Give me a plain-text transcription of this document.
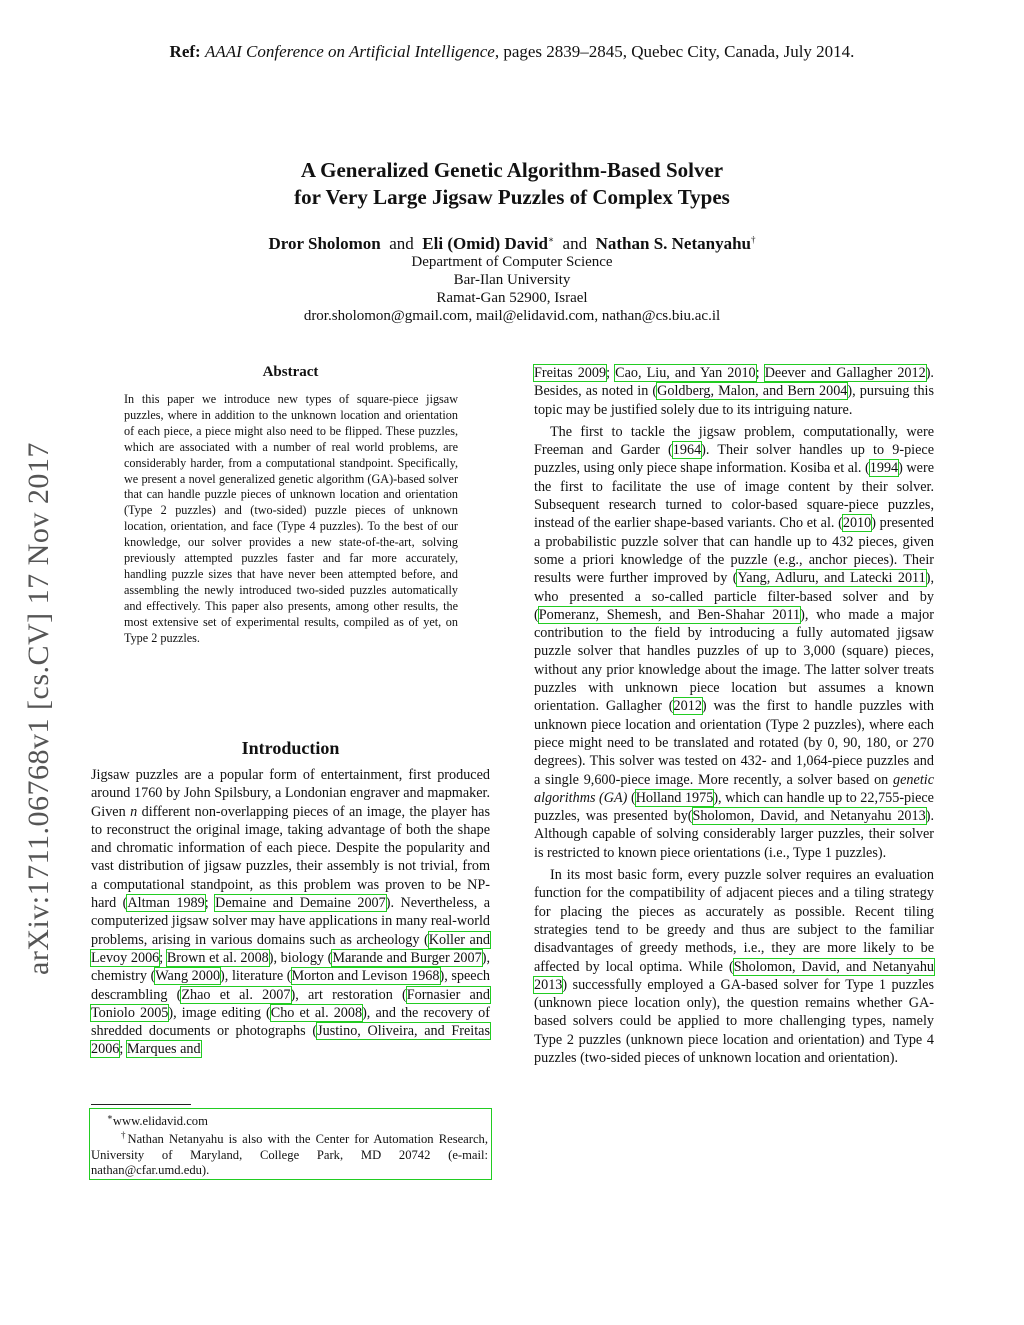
Ref: AAAI Conference on Artificial Intelligence, pages 2839–2845, Quebec City, Canada, July 2014.
arXiv:1711.06768v1 [cs.CV] 17 Nov 2017
A Generalized Genetic Algorithm-Based Solver
for Very Large Jigsaw Puzzles of Complex Types
Dror Sholomon and Eli (Omid) David∗ and Nathan S. Netanyahu†
Department of Computer Science
Bar-Ilan University
Ramat-Gan 52900, Israel
dror.sholomon@gmail.com, mail@elidavid.com, nathan@cs.biu.ac.il
Abstract
In this paper we introduce new types of square-piece jigsaw puzzles, where in addition to the unknown location and orientation of each piece, a piece might also need to be flipped. These puzzles, which are associated with a number of real world problems, are considerably harder, from a computational standpoint. Specifically, we present a novel generalized genetic algorithm (GA)-based solver that can handle puzzle pieces of unknown location and orientation (Type 2 puzzles) and (two-sided) puzzle pieces of unknown location, orientation, and face (Type 4 puzzles). To the best of our knowledge, our solver provides a new state-of-the-art, solving previously attempted puzzles faster and far more accurately, handling puzzle sizes that have never been attempted before, and assembling the newly introduced two-sided puzzles automatically and effectively. This paper also presents, among other results, the most extensive set of experimental results, compiled as of yet, on Type 2 puzzles.
Introduction

Jigsaw puzzles are a popular form of entertainment, first produced around 1760 by John Spilsbury, a Londonian engraver and mapmaker. Given n different non-overlapping pieces of an image, the player has to reconstruct the original image, taking advantage of both the shape and chromatic information of each piece. Despite the popularity and vast distribution of jigsaw puzzles, their assembly is not trivial, from a computational standpoint, as this problem was proven to be NP-hard (Altman 1989; Demaine and Demaine 2007). Nevertheless, a computerized jigsaw solver may have applications in many real-world problems, arising in various domains such as archeology (Koller and Levoy 2006; Brown et al. 2008), biology (Marande and Burger 2007), chemistry (Wang 2000), literature (Morton and Levison 1968), speech descrambling (Zhao et al. 2007), art restoration (Fornasier and Toniolo 2005), image editing (Cho et al. 2008), and the recovery of shredded documents or photographs (Justino, Oliveira, and Freitas 2006; Marques and

∗www.elidavid.com
†Nathan Netanyahu is also with the Center for Automation Research, University of Maryland, College Park, MD 20742 (e-mail: nathan@cfar.umd.edu).

Freitas 2009; Cao, Liu, and Yan 2010; Deever and Gallagher 2012). Besides, as noted in (Goldberg, Malon, and Bern 2004), pursuing this topic may be justified solely due to its intriguing nature.

The first to tackle the jigsaw problem, computationally, were Freeman and Garder (1964). Their solver handles up to 9-piece puzzles, using only piece shape information. Kosiba et al. (1994) were the first to facilitate the use of image content by their solver. Subsequent research turned to color-based square-piece puzzles, instead of the earlier shape-based variants. Cho et al. (2010) presented a probabilistic puzzle solver that can handle up to 432 pieces, given some a priori knowledge of the puzzle (e.g., anchor pieces). Their results were further improved by (Yang, Adluru, and Latecki 2011), who presented a so-called particle filter-based solver and by (Pomeranz, Shemesh, and Ben-Shahar 2011), who made a major contribution to the field by introducing a fully automated jigsaw puzzle solver that handles puzzles of up to 3,000 (square) pieces, without any prior knowledge about the image. The latter solver treats puzzles with unknown piece location but assumes a known orientation. Gallagher (2012) was the first to handle puzzles with unknown piece location and orientation (Type 2 puzzles), where each piece might need to be translated and rotated (by 0, 90, 180, or 270 degrees). This solver was tested on 432- and 1,064-piece puzzles and a single 9,600-piece image. More recently, a solver based on genetic algorithms (GA) (Holland 1975), which can handle up to 22,755-piece puzzles, was presented by(Sholomon, David, and Netanyahu 2013). Although capable of solving considerably larger puzzles, their solver is restricted to known piece orientations (i.e., Type 1 puzzles).

In its most basic form, every puzzle solver requires an evaluation function for the compatibility of adjacent pieces and a tiling strategy for placing the pieces as accurately as possible. Recent tiling strategies tend to be greedy and thus are subject to the familiar disadvantages of greedy methods, i.e., they are more likely to be affected by local optima. While (Sholomon, David, and Netanyahu 2013) successfully employed a GA-based solver for Type 1 puzzles (unknown piece location only), the question remains whether GA-based solvers could be applied to more challenging types, namely Type 2 puzzles (unknown piece location and orientation) and Type 4 puzzles (two-sided pieces of unknown location and orientation).
